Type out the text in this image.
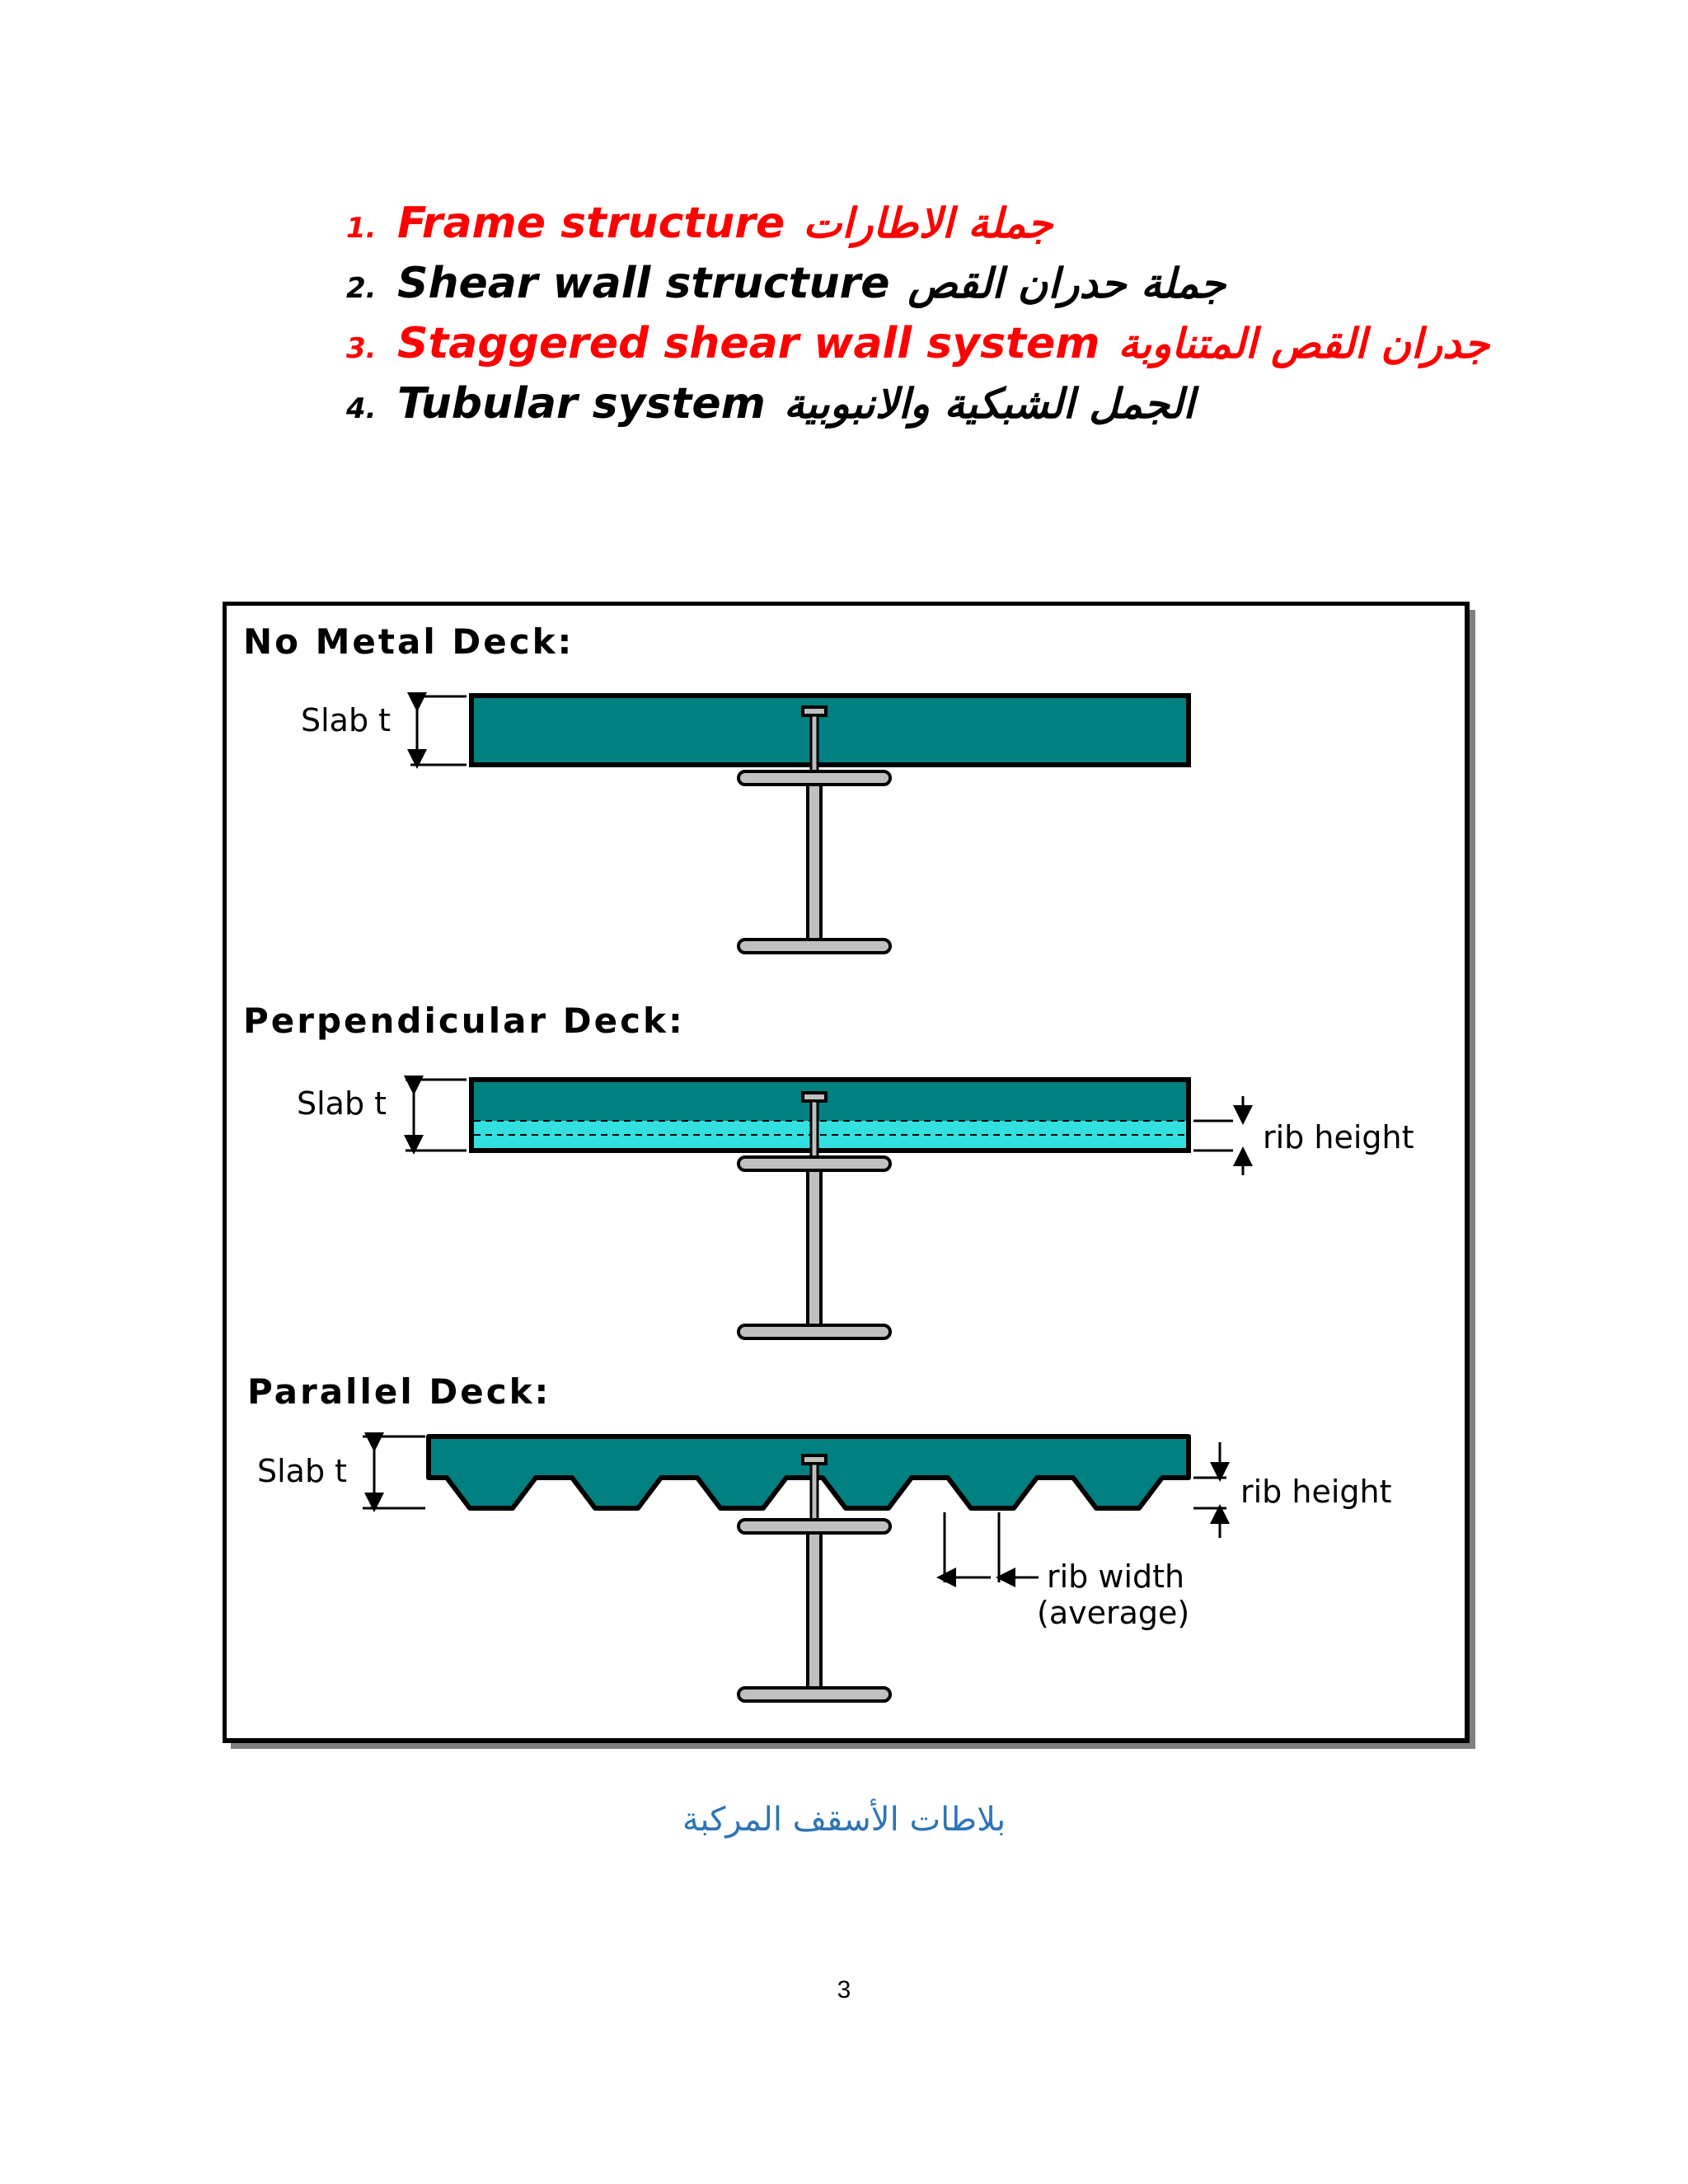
1. Frame structure جملة الاطارات
2. Shear wall structure جملة حدران القص
3. Staggered shear wall system جدران القص المتناوبة
4. Tubular system الجمل الشبكية والانبوبية
No Metal Deck:
Slab t
Perpendicular Deck:
Slab t
rib height
Parallel Deck:
Slab t
rib height
rib width
(average)
بلاطات الأسقف المركبة
3
